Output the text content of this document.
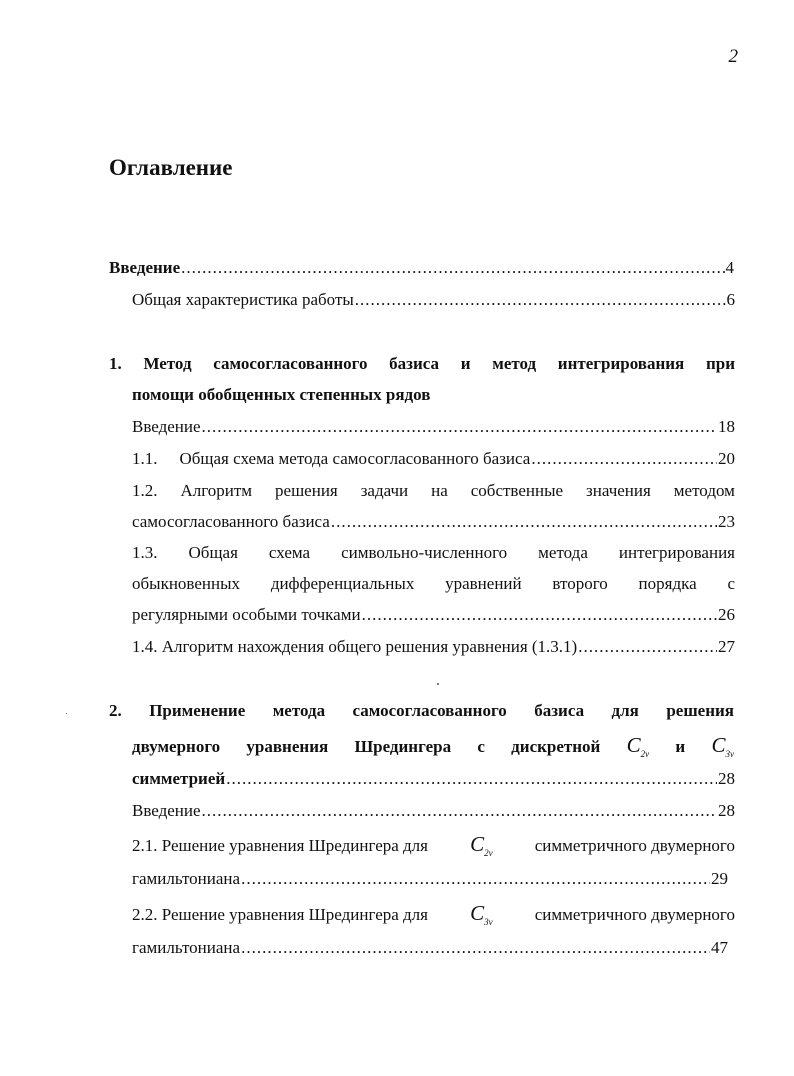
2
Оглавление
Введение .....	4
Общая характеристика работы .....	6
1. Метод самосогласованного базиса и метод интегрирования при
помощи обобщенных степенных рядов
Введение .....	18
1.1. Общая схема метода самосогласованного базиса .....	20
1.2. Алгоритм решения задачи на собственные значения методом
самосогласованного базиса .....	23
1.3. Общая схема символьно-численного метода интегрирования
обыкновенных дифференциальных уравнений второго порядка с
регулярными особыми точками .....	26
1.4. Алгоритм нахождения общего решения уравнения (1.3.1) .....	27
2. Применение метода самосогласованного базиса для решения
двумерного уравнения Шредингера с дискретной $C_{2v}$ и $C_{3v}$
симметрией .....	28
Введение .....	28
2.1. Решение уравнения Шредингера для $C_{2v}$ симметричного двумерного
гамильтониана .....	29
2.2. Решение уравнения Шредингера для $C_{3v}$ симметричного двумерного
гамильтониана .....	47
